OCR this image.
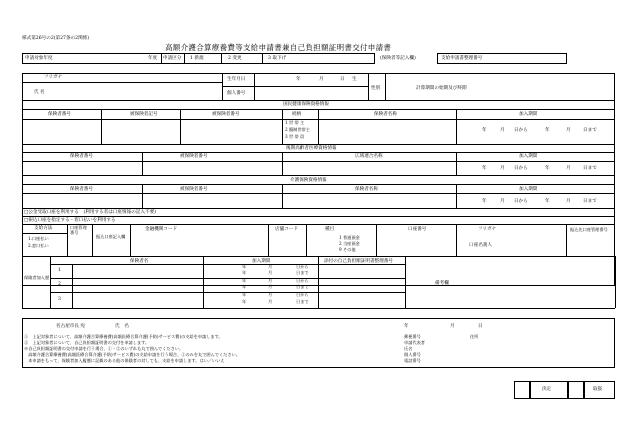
様式第26号の2(第27条の2関係)
高額介護合算療養費等支給申請書兼自己負担額証明書交付申請書
申請対象年度	年度 申請区分 1 新規	2 変更	3 取下げ	(保険者等記入欄)	支給申請書整理番号
フリガナ
氏 名
生年月日	年	月	日 生
個人番号
性別	計算期間の始期及び終期
国民健康保険資格情報
保険者番号	被保険者記号	被保険者番号	続柄	保険者名称	加入期間
1 世 帯 主
2 擬制世帯主
3 世 帯 員
年	月 日から	年	月	日まで
後期高齢者医療資格情報
保険者番号	被保険者番号	広域連合名称	加入期間
年	月 日から	年	月	日まで
介護保険資格情報
保険者番号	被保険者番号	保険者名称	加入期間
年	月 日から	年	月	日まで
□公金受取口座を利用する　(利用する者は口座情報の記入不要)
□振込口座を指定する・窓口払いを利用する
支給方法
1.口座払い
2.窓口払い
口座管理番号
振込口座記入欄
金融機関コード	店舗コード	種目
1 普通預金
2 当座預金
9 その他
口座番号	フリガナ
口座名義人
振込先口座管理番号
保険者加入歴
保険者名	加入期間	添付の自己負担額証明書整理番号
備考欄
1
年	月	日から
年	月	日まで
2
年	月	日から
年	月	日まで
3
年	月	日から
年	月	日まで
名古屋市長 宛	氏　名	年	月	日
①　上記対象者について、高額介護合算療養費(高額医療合算介護(予防)サービス費)の支給を申請します。
②　上記対象者について、自己負担額証明書の交付を申請します。
※自己負担額証明書の交付申請を行う場合、①・②のいずれも丸で囲んでください。
　高額介護合算療養費(高額医療合算介護(予防)サービス費)の支給申請を行う場合、①のみを丸で囲んでください。
　本申請をもって、保険者加入履歴に記載のある他の保険者の対しても、支給を申請します。はい／いいえ
郵便番号	住所
申請代表者
氏名
個人番号
電話番号
決定	取扱
